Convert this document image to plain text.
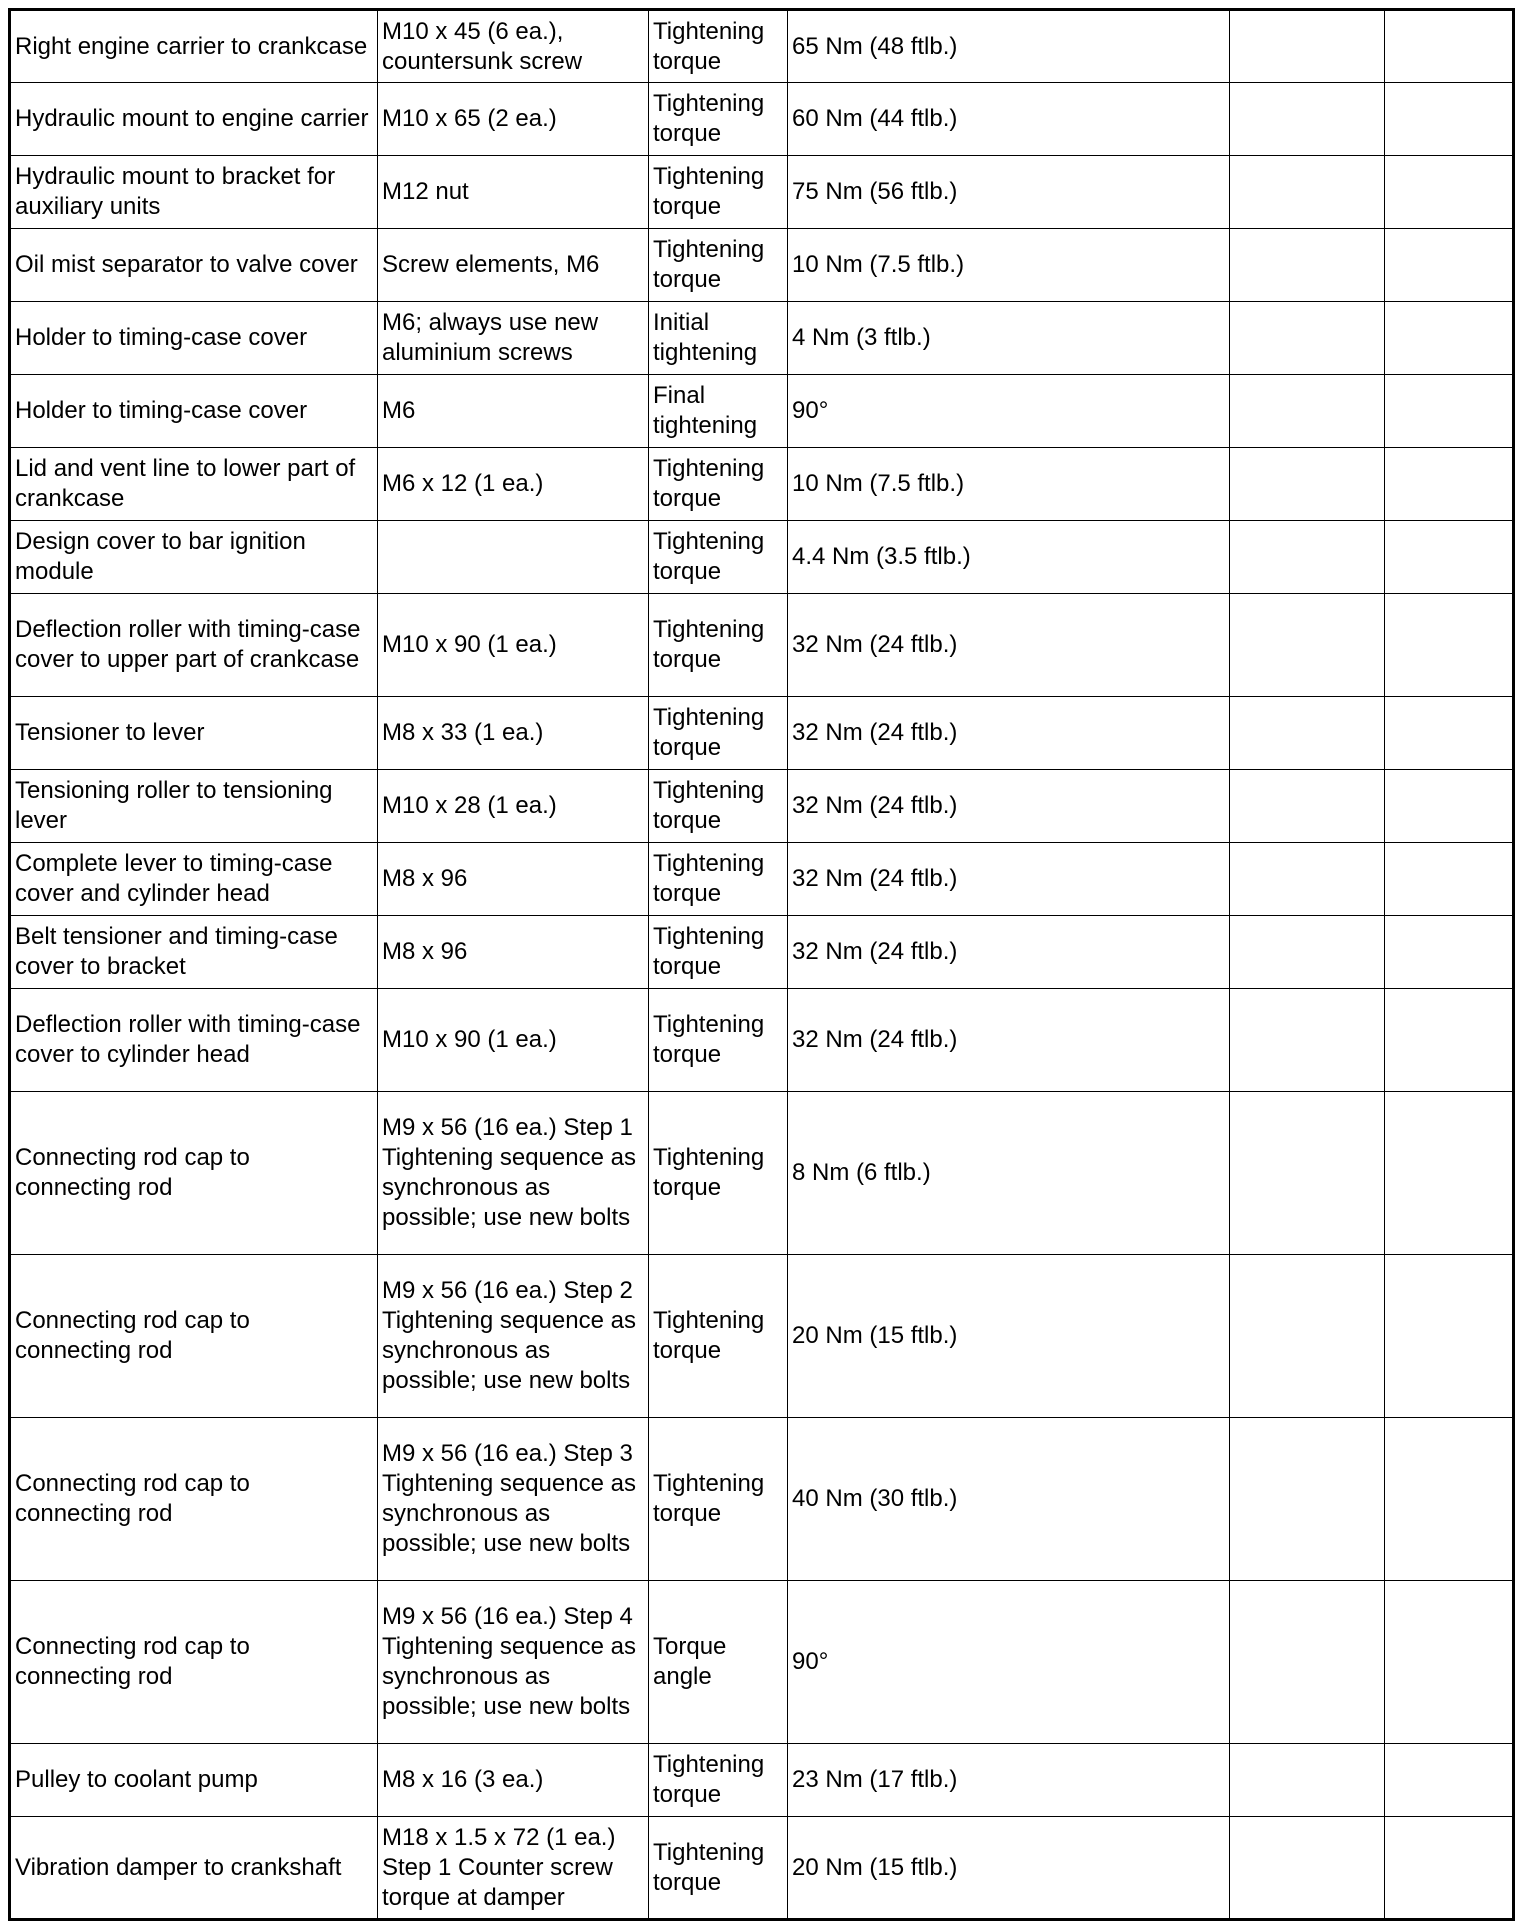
Right engine carrier to crankcase	M10 x 45 (6 ea.), countersunk screw	Tightening torque	65 Nm (48 ftlb.)		
Hydraulic mount to engine carrier	M10 x 65 (2 ea.)	Tightening torque	60 Nm (44 ftlb.)		
Hydraulic mount to bracket for auxiliary units	M12 nut	Tightening torque	75 Nm (56 ftlb.)		
Oil mist separator to valve cover	Screw elements, M6	Tightening torque	10 Nm (7.5 ftlb.)		
Holder to timing-case cover	M6; always use new aluminium screws	Initial tightening	4 Nm (3 ftlb.)		
Holder to timing-case cover	M6	Final tightening	90°		
Lid and vent line to lower part of crankcase	M6 x 12 (1 ea.)	Tightening torque	10 Nm (7.5 ftlb.)		
Design cover to bar ignition module		Tightening torque	4.4 Nm (3.5 ftlb.)		
Deflection roller with timing-case cover to upper part of crankcase	M10 x 90 (1 ea.)	Tightening torque	32 Nm (24 ftlb.)		
Tensioner to lever	M8 x 33 (1 ea.)	Tightening torque	32 Nm (24 ftlb.)		
Tensioning roller to tensioning lever	M10 x 28 (1 ea.)	Tightening torque	32 Nm (24 ftlb.)		
Complete lever to timing-case cover and cylinder head	M8 x 96	Tightening torque	32 Nm (24 ftlb.)		
Belt tensioner and timing-case cover to bracket	M8 x 96	Tightening torque	32 Nm (24 ftlb.)		
Deflection roller with timing-case cover to cylinder head	M10 x 90 (1 ea.)	Tightening torque	32 Nm (24 ftlb.)		
Connecting rod cap to connecting rod	M9 x 56 (16 ea.) Step 1 Tightening sequence as synchronous as possible; use new bolts	Tightening torque	8 Nm (6 ftlb.)		
Connecting rod cap to connecting rod	M9 x 56 (16 ea.) Step 2 Tightening sequence as synchronous as possible; use new bolts	Tightening torque	20 Nm (15 ftlb.)		
Connecting rod cap to connecting rod	M9 x 56 (16 ea.) Step 3 Tightening sequence as synchronous as possible; use new bolts	Tightening torque	40 Nm (30 ftlb.)		
Connecting rod cap to connecting rod	M9 x 56 (16 ea.) Step 4 Tightening sequence as synchronous as possible; use new bolts	Torque angle	90°		
Pulley to coolant pump	M8 x 16 (3 ea.)	Tightening torque	23 Nm (17 ftlb.)		
Vibration damper to crankshaft	M18 x 1.5 x 72 (1 ea.) Step 1 Counter screw torque at damper	Tightening torque	20 Nm (15 ftlb.)		
